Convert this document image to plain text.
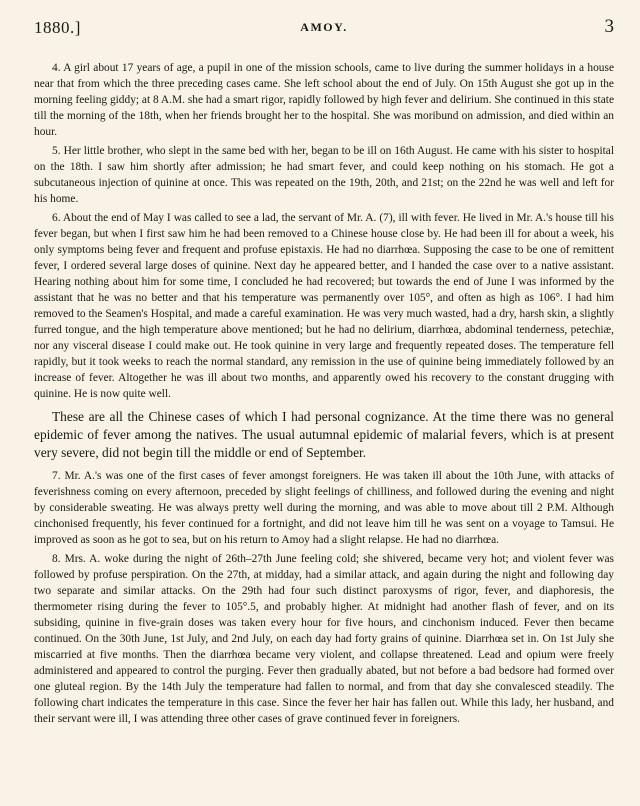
1880.]	AMOY.	3

4. A girl about 17 years of age, a pupil in one of the mission schools, came to live during the summer holidays in a house near that from which the three preceding cases came. She left school about the end of July. On 15th August she got up in the morning feeling giddy; at 8 A.M. she had a smart rigor, rapidly followed by high fever and delirium. She continued in this state till the morning of the 18th, when her friends brought her to the hospital. She was moribund on admission, and died within an hour.

5. Her little brother, who slept in the same bed with her, began to be ill on 16th August. He came with his sister to hospital on the 18th. I saw him shortly after admission; he had smart fever, and could keep nothing on his stomach. He got a subcutaneous injection of quinine at once. This was repeated on the 19th, 20th, and 21st; on the 22nd he was well and left for his home.

6. About the end of May I was called to see a lad, the servant of Mr. A. (7), ill with fever. He lived in Mr. A.'s house till his fever began, but when I first saw him he had been removed to a Chinese house close by. He had been ill for about a week, his only symptoms being fever and frequent and profuse epistaxis. He had no diarrhœa. Supposing the case to be one of remittent fever, I ordered several large doses of quinine. Next day he appeared better, and I handed the case over to a native assistant. Hearing nothing about him for some time, I concluded he had recovered; but towards the end of June I was informed by the assistant that he was no better and that his temperature was permanently over 105°, and often as high as 106°. I had him removed to the Seamen's Hospital, and made a careful examination. He was very much wasted, had a dry, harsh skin, a slightly furred tongue, and the high temperature above mentioned; but he had no delirium, diarrhœa, abdominal tenderness, petechiæ, nor any visceral disease I could make out. He took quinine in very large and frequently repeated doses. The temperature fell rapidly, but it took weeks to reach the normal standard, any remission in the use of quinine being immediately followed by an increase of fever. Altogether he was ill about two months, and apparently owed his recovery to the constant drugging with quinine. He is now quite well.

These are all the Chinese cases of which I had personal cognizance. At the time there was no general epidemic of fever among the natives. The usual autumnal epidemic of malarial fevers, which is at present very severe, did not begin till the middle or end of September.

7. Mr. A.'s was one of the first cases of fever amongst foreigners. He was taken ill about the 10th June, with attacks of feverishness coming on every afternoon, preceded by slight feelings of chilliness, and followed during the evening and night by considerable sweating. He was always pretty well during the morning, and was able to move about till 2 P.M. Although cinchonised frequently, his fever continued for a fortnight, and did not leave him till he was sent on a voyage to Tamsui. He improved as soon as he got to sea, but on his return to Amoy had a slight relapse. He had no diarrhœa.

8. Mrs. A. woke during the night of 26th–27th June feeling cold; she shivered, became very hot; and violent fever was followed by profuse perspiration. On the 27th, at midday, had a similar attack, and again during the night and following day two separate and similar attacks. On the 29th had four such distinct paroxysms of rigor, fever, and diaphoresis, the thermometer rising during the fever to 105°.5, and probably higher. At midnight had another flash of fever, and on its subsiding, quinine in five-grain doses was taken every hour for five hours, and cinchonism induced. Fever then became continued. On the 30th June, 1st July, and 2nd July, on each day had forty grains of quinine. Diarrhœa set in. On 1st July she miscarried at five months. Then the diarrhœa became very violent, and collapse threatened. Lead and opium were freely administered and appeared to control the purging. Fever then gradually abated, but not before a bad bedsore had formed over one gluteal region. By the 14th July the temperature had fallen to normal, and from that day she convalesced steadily. The following chart indicates the temperature in this case. Since the fever her hair has fallen out. While this lady, her husband, and their servant were ill, I was attending three other cases of grave continued fever in foreigners.
